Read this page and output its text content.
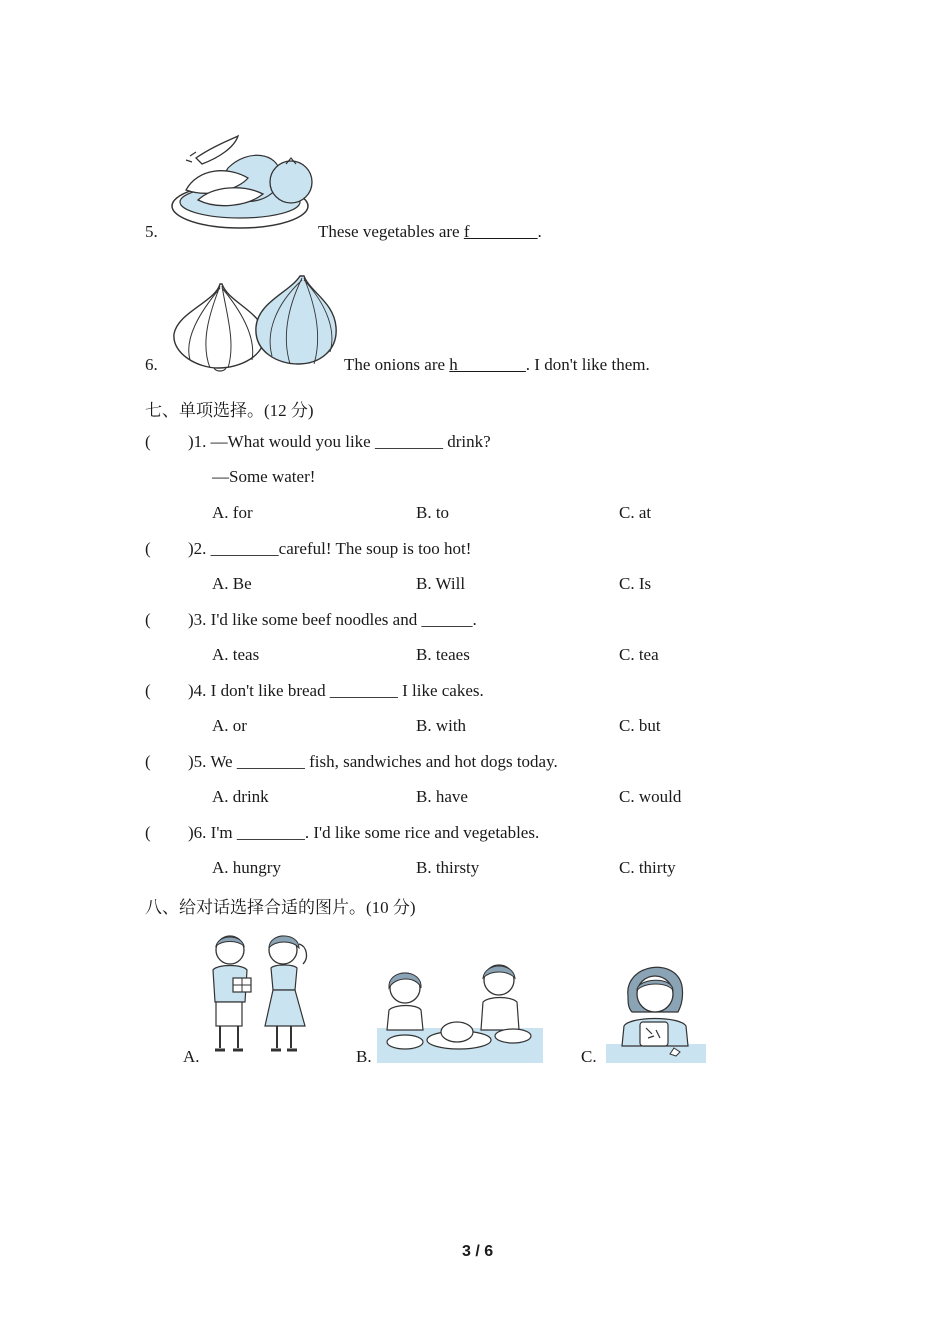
5.	These vegetables are f________.
6.	The onions are h________. I don't like them.
七、单项选择。(12 分)
( )1. —What would you like ________ drink?
—Some water!
A. for	B. to	C. at
( )2. ________careful! The soup is too hot!
A. Be	B. Will	C. Is
( )3. I'd like some beef noodles and ______.
A. teas	B. teaes	C. tea
( )4. I don't like bread ________ I like cakes.
A. or	B. with	C. but
( )5. We ________ fish, sandwiches and hot dogs today.
A. drink	B. have	C. would
( )6. I'm ________. I'd like some rice and vegetables.
A. hungry	B. thirsty	C. thirty
八、给对话选择合适的图片。(10 分)
A.	B.	C.
3 / 6
